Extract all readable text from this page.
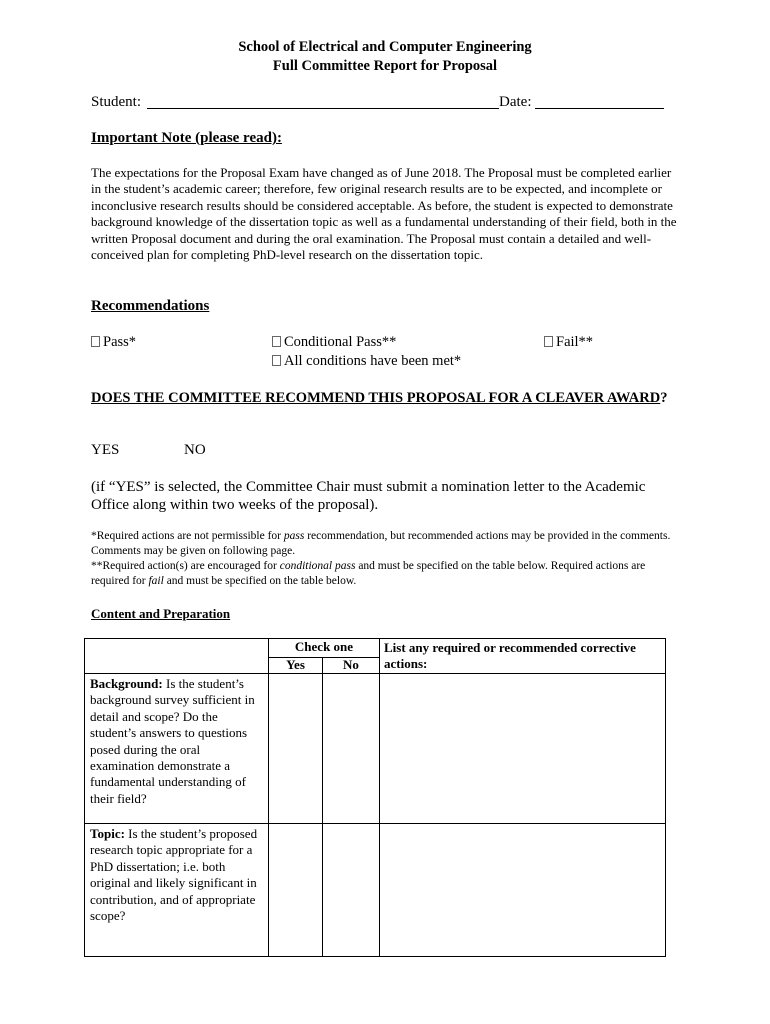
School of Electrical and Computer Engineering
Full Committee Report for Proposal
Student:	Date:
Important Note (please read):
The expectations for the Proposal Exam have changed as of June 2018. The Proposal must be completed earlier in the student’s academic career; therefore, few original research results are to be expected, and incomplete or inconclusive research results should be considered acceptable. As before, the student is expected to demonstrate background knowledge of the dissertation topic as well as a fundamental understanding of their field, both in the written Proposal document and during the oral examination. The Proposal must contain a detailed and well-conceived plan for completing PhD-level research on the dissertation topic.
Recommendations
Pass*	Conditional Pass**
All conditions have been met*
Fail**
DOES THE COMMITTEE RECOMMEND THIS PROPOSAL FOR A CLEAVER AWARD?
YES	NO
(if “YES” is selected, the Committee Chair must submit a nomination letter to the Academic Office along within two weeks of the proposal).
*Required actions are not permissible for pass recommendation, but recommended actions may be provided in the comments. Comments may be given on following page.
**Required action(s) are encouraged for conditional pass and must be specified on the table below. Required actions are required for fail and must be specified on the table below.
Content and Preparation
	Check one		List any required or recommended corrective actions:

	Yes	No	

Background: Is the student’s background survey sufficient in detail and scope? Do the student’s answers to questions posed during the oral examination demonstrate a fundamental understanding of their field?			

Topic: Is the student’s proposed research topic appropriate for a PhD dissertation; i.e. both original and likely significant in contribution, and of appropriate scope?			
